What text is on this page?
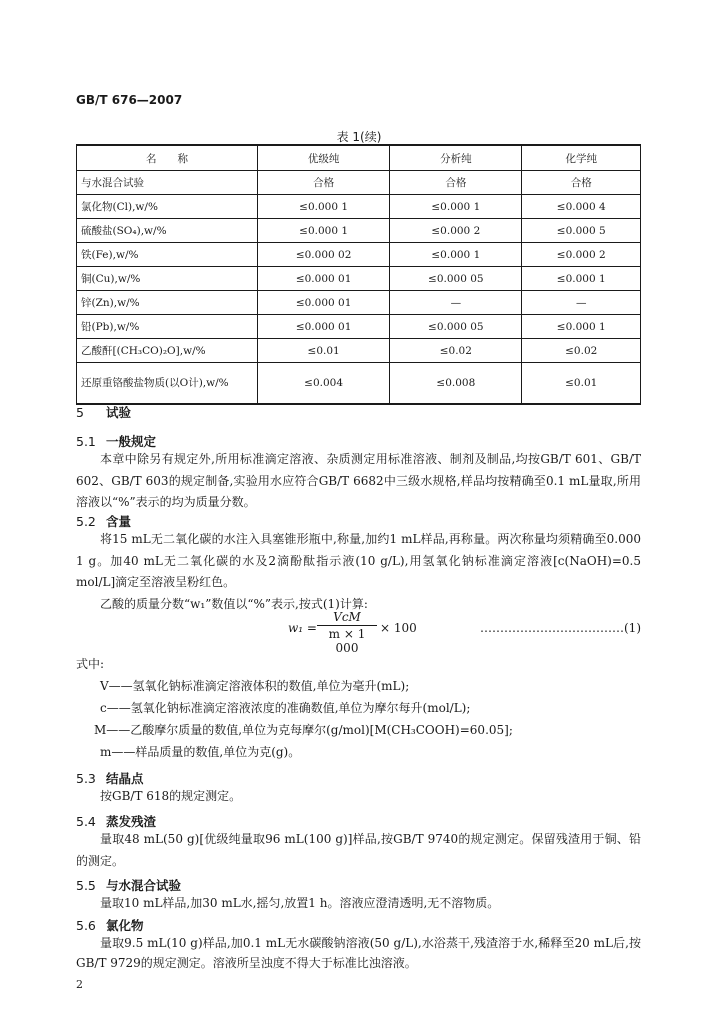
GB/T 676—2007
表 1(续)
名　　称	优级纯	分析纯	化学纯
与水混合试验	合格	合格	合格
氯化物(Cl),w/%	≤0.000 1	≤0.000 1	≤0.000 4
硫酸盐(SO₄),w/%	≤0.000 1	≤0.000 2	≤0.000 5
铁(Fe),w/%	≤0.000 02	≤0.000 1	≤0.000 2
铜(Cu),w/%	≤0.000 01	≤0.000 05	≤0.000 1
锌(Zn),w/%	≤0.000 01	—	—
铅(Pb),w/%	≤0.000 01	≤0.000 05	≤0.000 1
乙酸酐[(CH₃CO)₂O],w/%	≤0.01	≤0.02	≤0.02
还原重铬酸盐物质(以O计),w/%	≤0.004	≤0.008	≤0.01
5 试验
5.1 一般规定
本章中除另有规定外,所用标准滴定溶液、杂质测定用标准溶液、制剂及制品,均按GB/T 601、GB/T 602、GB/T 603的规定制备,实验用水应符合GB/T 6682中三级水规格,样品均按精确至0.1 mL量取,所用溶液以“%”表示的均为质量分数。
5.2 含量
将15 mL无二氧化碳的水注入具塞锥形瓶中,称量,加约1 mL样品,再称量。两次称量均须精确至0.000 1 g。加40 mL无二氧化碳的水及2滴酚酞指示液(10 g/L),用氢氧化钠标准滴定溶液[c(NaOH)=0.5 mol/L]滴定至溶液呈粉红色。
乙酸的质量分数“w₁”数值以“%”表示,按式(1)计算:
w₁ =
VcM
m × 1 000
× 100	………………………………(1)
式中:
V——氢氧化钠标准滴定溶液体积的数值,单位为毫升(mL);
c——氢氧化钠标准滴定溶液浓度的准确数值,单位为摩尔每升(mol/L);
M——乙酸摩尔质量的数值,单位为克每摩尔(g/mol)[M(CH₃COOH)=60.05];
m——样品质量的数值,单位为克(g)。
5.3 结晶点
按GB/T 618的规定测定。
5.4 蒸发残渣
量取48 mL(50 g)[优级纯量取96 mL(100 g)]样品,按GB/T 9740的规定测定。保留残渣用于铜、铅的测定。
5.5 与水混合试验
量取10 mL样品,加30 mL水,摇匀,放置1 h。溶液应澄清透明,无不溶物质。
5.6 氯化物
量取9.5 mL(10 g)样品,加0.1 mL无水碳酸钠溶液(50 g/L),水浴蒸干,残渣溶于水,稀释至20 mL后,按GB/T 9729的规定测定。溶液所呈浊度不得大于标准比浊溶液。
2
